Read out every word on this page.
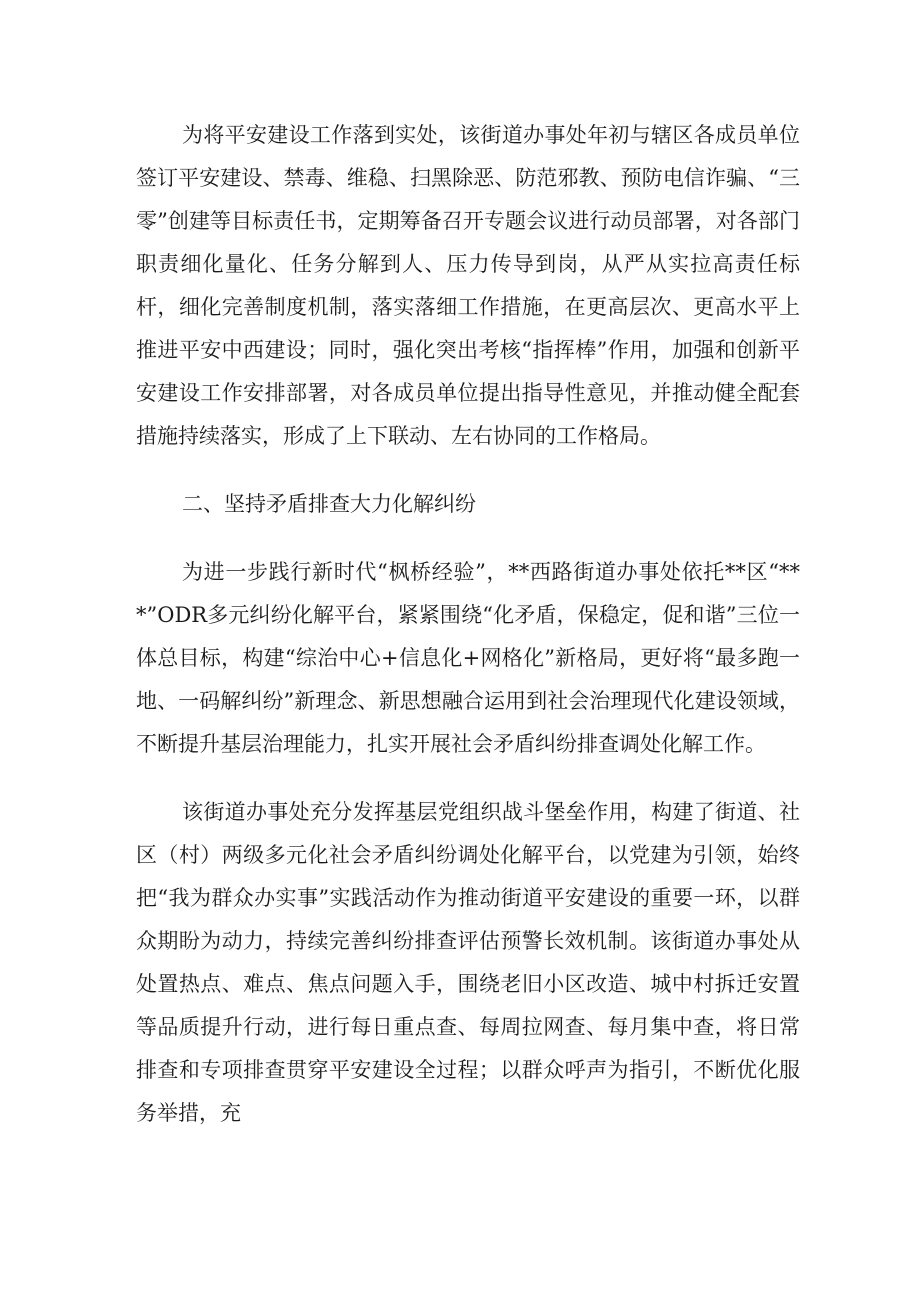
为将平安建设工作落到实处，该街道办事处年初与辖区各成员单位签订平安建设、禁毒、维稳、扫黑除恶、防范邪教、预防电信诈骗、“三零”创建等目标责任书，定期筹备召开专题会议进行动员部署，对各部门职责细化量化、任务分解到人、压力传导到岗，从严从实拉高责任标杆，细化完善制度机制，落实落细工作措施，在更高层次、更高水平上推进平安中西建设；同时，强化突出考核“指挥棒”作用，加强和创新平安建设工作安排部署，对各成员单位提出指导性意见，并推动健全配套措施持续落实，形成了上下联动、左右协同的工作格局。

二、坚持矛盾排查大力化解纠纷

为进一步践行新时代“枫桥经验”，**西路街道办事处依托**区“***”ODR多元纠纷化解平台，紧紧围绕“化矛盾，保稳定，促和谐”三位一体总目标，构建“综治中心+信息化+网格化”新格局，更好将“最多跑一地、一码解纠纷”新理念、新思想融合运用到社会治理现代化建设领域，不断提升基层治理能力，扎实开展社会矛盾纠纷排查调处化解工作。

该街道办事处充分发挥基层党组织战斗堡垒作用，构建了街道、社区（村）两级多元化社会矛盾纠纷调处化解平台，以党建为引领，始终把“我为群众办实事”实践活动作为推动街道平安建设的重要一环，以群众期盼为动力，持续完善纠纷排查评估预警长效机制。该街道办事处从处置热点、难点、焦点问题入手，围绕老旧小区改造、城中村拆迁安置等品质提升行动，进行每日重点查、每周拉网查、每月集中查，将日常排查和专项排查贯穿平安建设全过程；以群众呼声为指引，不断优化服务举措，充
